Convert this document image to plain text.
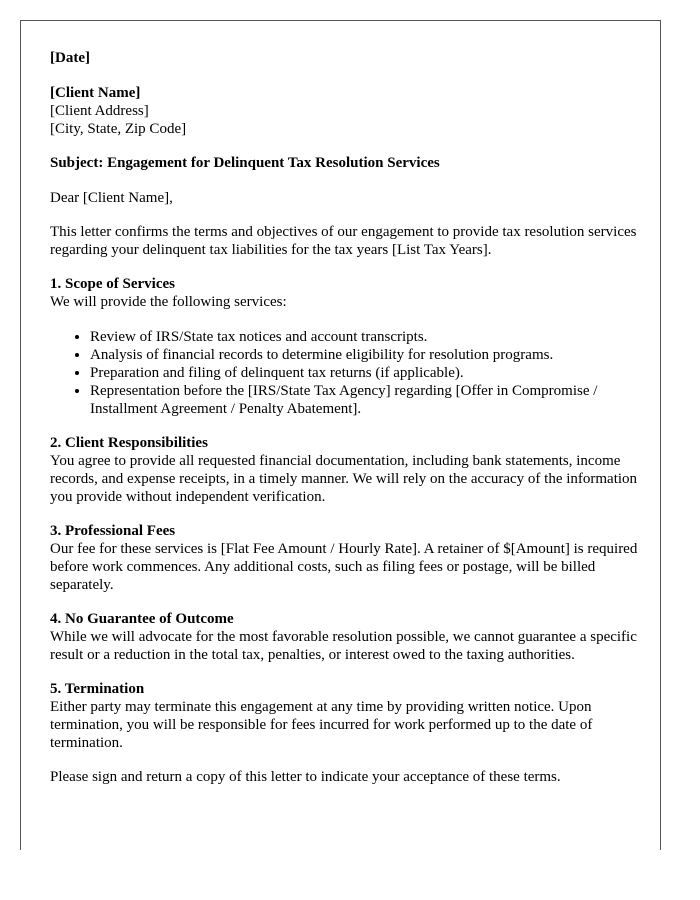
[Date]

[Client Name]

[Client Address]

[City, State, Zip Code]

Subject: Engagement for Delinquent Tax Resolution Services

Dear [Client Name],

This letter confirms the terms and objectives of our engagement to provide tax resolution services regarding your delinquent tax liabilities for the tax years [List Tax Years].

1. Scope of Services

We will provide the following services:

• Review of IRS/State tax notices and account transcripts.
• Analysis of financial records to determine eligibility for resolution programs.
• Preparation and filing of delinquent tax returns (if applicable).
• Representation before the [IRS/State Tax Agency] regarding [Offer in Compromise / Installment Agreement / Penalty Abatement].
2. Client Responsibilities

You agree to provide all requested financial documentation, including bank statements, income records, and expense receipts, in a timely manner. We will rely on the accuracy of the information you provide without independent verification.

3. Professional Fees

Our fee for these services is [Flat Fee Amount / Hourly Rate]. A retainer of $[Amount] is required before work commences. Any additional costs, such as filing fees or postage, will be billed separately.

4. No Guarantee of Outcome

While we will advocate for the most favorable resolution possible, we cannot guarantee a specific result or a reduction in the total tax, penalties, or interest owed to the taxing authorities.

5. Termination

Either party may terminate this engagement at any time by providing written notice. Upon termination, you will be responsible for fees incurred for work performed up to the date of termination.

Please sign and return a copy of this letter to indicate your acceptance of these terms.
